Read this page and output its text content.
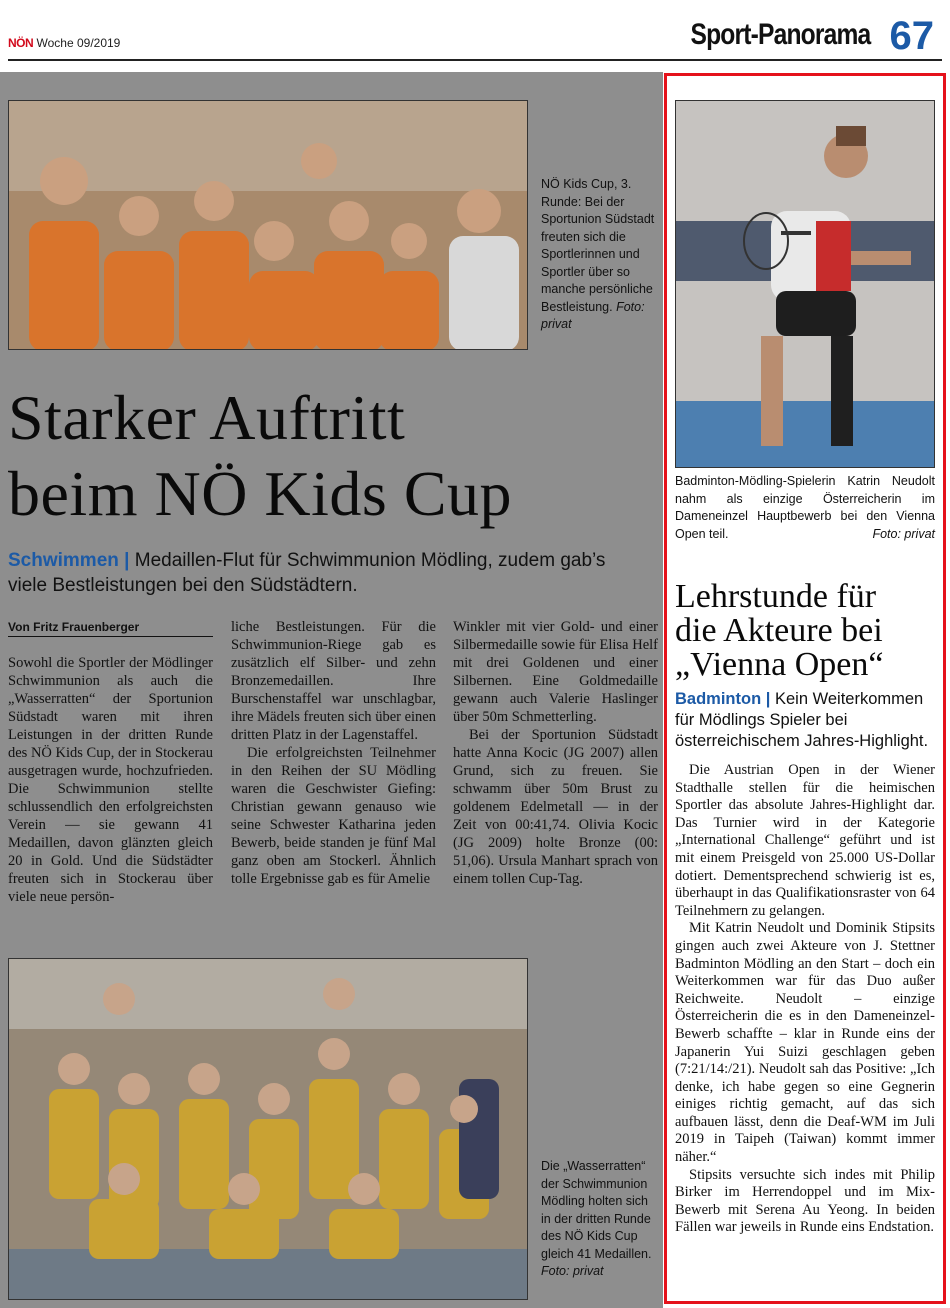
NÖN Woche 09/2019	Sport-Panorama 67
NÖ Kids Cup, 3. Runde: Bei der Sportunion Südstadt freuten sich die Sportlerinnen und Sportler über so manche persönliche Bestleistung. Foto: privat
Starker Auftritt
beim NÖ Kids Cup
Schwimmen | Medaillen-Flut für Schwimmunion Mödling, zudem gab’s viele Bestleistungen bei den Südstädtern.
Von Fritz Frauenberger

Sowohl die Sportler der Mödlinger Schwimmunion als auch die „Wasserratten“ der Sportunion Südstadt waren mit ihren Leistungen in der dritten Runde des NÖ Kids Cup, der in Stockerau ausgetragen wurde, hochzufrieden. Die Schwimmunion stellte schlussendlich den erfolgreichsten Verein — sie gewann 41 Medaillen, davon glänzten gleich 20 in Gold. Und die Südstädter freuten sich in Stockerau über viele neue persön-

liche Bestleistungen. Für die Schwimmunion-Riege gab es zusätzlich elf Silber- und zehn Bronzemedaillen. Ihre Burschenstaffel war unschlagbar, ihre Mädels freuten sich über einen dritten Platz in der Lagenstaffel.

Die erfolgreichsten Teilnehmer in den Reihen der SU Mödling waren die Geschwister Giefing: Christian gewann genauso wie seine Schwester Katharina jeden Bewerb, beide standen je fünf Mal ganz oben am Stockerl. Ähnlich tolle Ergebnisse gab es für Amelie

Winkler mit vier Gold- und einer Silbermedaille sowie für Elisa Helf mit drei Goldenen und einer Silbernen. Eine Goldmedaille gewann auch Valerie Haslinger über 50m Schmetterling.

Bei der Sportunion Südstadt hatte Anna Kocic (JG 2007) allen Grund, sich zu freuen. Sie schwamm über 50m Brust zu goldenem Edelmetall — in der Zeit von 00:41,74. Olivia Kocic (JG 2009) holte Bronze (00: 51,06). Ursula Manhart sprach von einem tollen Cup-Tag.

Die „Wasserratten“ der Schwimmunion Mödling holten sich in der dritten Runde des NÖ Kids Cup gleich 41 Medaillen. Foto: privat
Badminton-Mödling-Spielerin Katrin Neudolt nahm als einzige Österreicherin im Dameneinzel Hauptbewerb bei den Vienna Open teil.	Foto: privat
Lehrstunde für
die Akteure bei
„Vienna Open“
Badminton | Kein Weiterkommen für Mödlings Spieler bei österreichischem Jahres-Highlight.

Die Austrian Open in der Wiener Stadthalle stellen für die heimischen Sportler das absolute Jahres-Highlight dar. Das Turnier wird in der Kategorie „International Challenge“ geführt und ist mit einem Preisgeld von 25.000 US-Dollar dotiert. Dementsprechend schwierig ist es, überhaupt in das Qualifikationsraster von 64 Teilnehmern zu gelangen.

Mit Katrin Neudolt und Dominik Stipsits gingen auch zwei Akteure von J. Stettner Badminton Mödling an den Start – doch ein Weiterkommen war für das Duo außer Reichweite. Neudolt – einzige Österreicherin die es in den Dameneinzel-Bewerb schaffte – klar in Runde eins der Japanerin Yui Suizi geschlagen geben (7:21/14:/21). Neudolt sah das Positive: „Ich denke, ich habe gegen so eine Gegnerin einiges richtig gemacht, auf das sich aufbauen lässt, denn die Deaf-WM im Juli 2019 in Taipeh (Taiwan) kommt immer näher.“

Stipsits versuchte sich indes mit Philip Birker im Herrendoppel und im Mix-Bewerb mit Serena Au Yeong. In beiden Fällen war jeweils in Runde eins Endstation.
